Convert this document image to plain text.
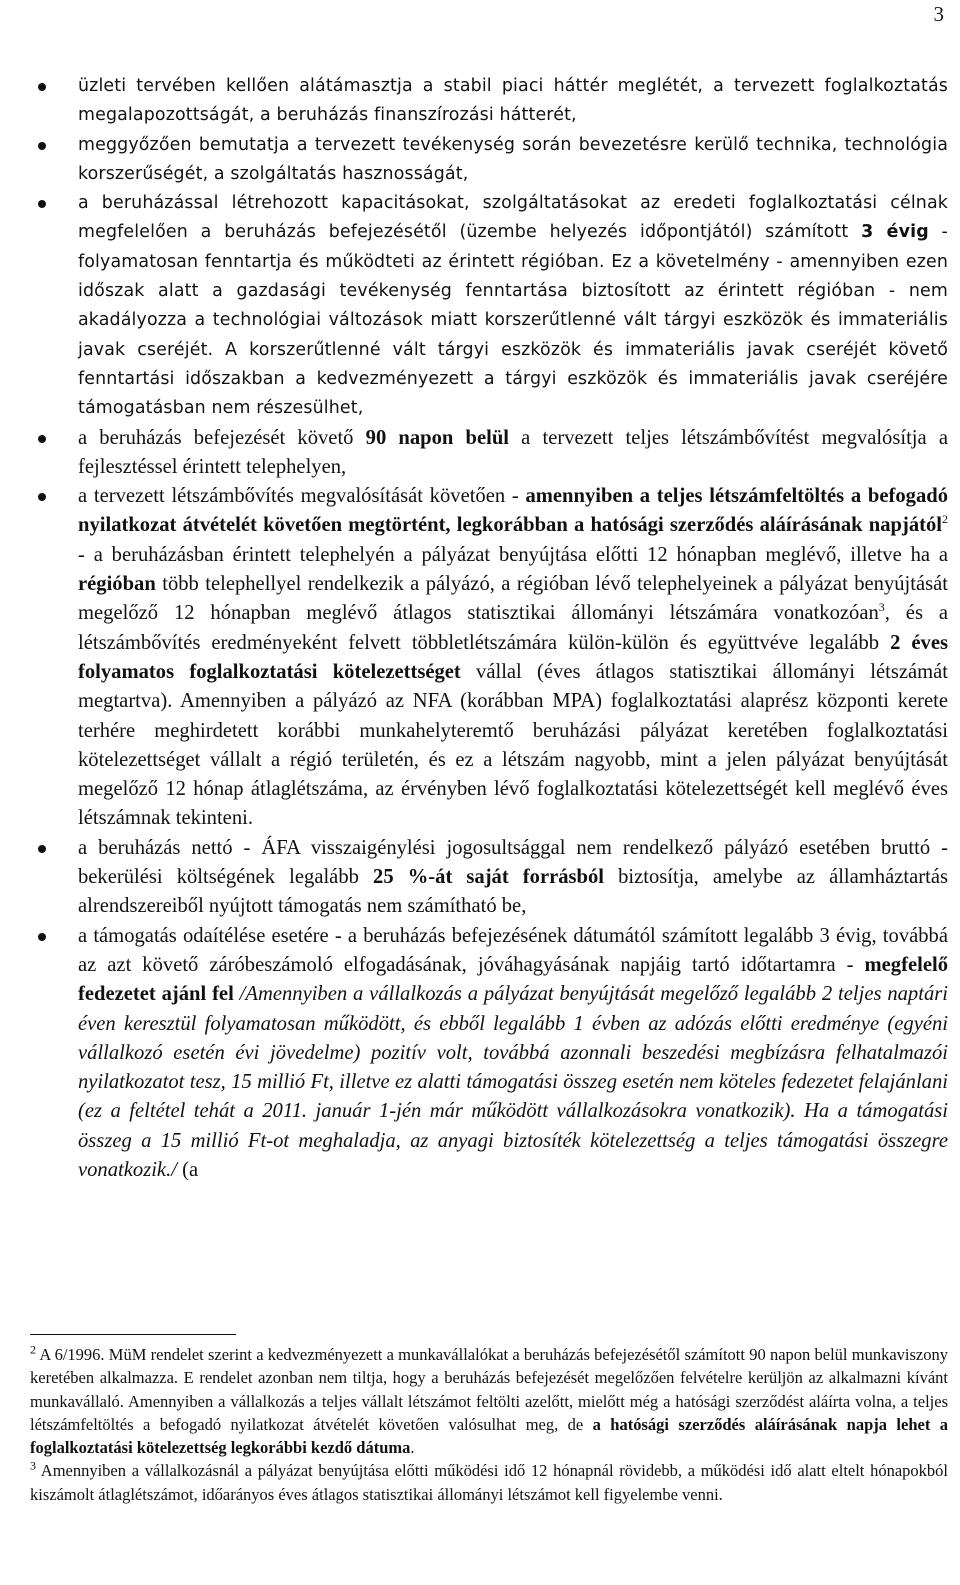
3
üzleti tervében kellően alátámasztja a stabil piaci háttér meglétét, a tervezett foglalkoztatás megalapozottságát, a beruházás finanszírozási hátterét,
meggyőzően bemutatja a tervezett tevékenység során bevezetésre kerülő technika, technológia korszerűségét, a szolgáltatás hasznosságát,
a beruházással létrehozott kapacitásokat, szolgáltatásokat az eredeti foglalkoztatási célnak megfelelően a beruházás befejezésétől (üzembe helyezés időpontjától) számított 3 évig - folyamatosan fenntartja és működteti az érintett régióban. Ez a követelmény - amennyiben ezen időszak alatt a gazdasági tevékenység fenntartása biztosított az érintett régióban - nem akadályozza a technológiai változások miatt korszerűtlenné vált tárgyi eszközök és immateriális javak cseréjét. A korszerűtlenné vált tárgyi eszközök és immateriális javak cseréjét követő fenntartási időszakban a kedvezményezett a tárgyi eszközök és immateriális javak cseréjére támogatásban nem részesülhet,
a beruházás befejezését követő 90 napon belül a tervezett teljes létszámbővítést megvalósítja a fejlesztéssel érintett telephelyen,
a tervezett létszámbővítés megvalósítását követően - amennyiben a teljes létszámfeltöltés a befogadó nyilatkozat átvételét követően megtörtént, legkorábban a hatósági szerződés aláírásának napjától$^2$ - a beruházásban érintett telephelyén a pályázat benyújtása előtti 12 hónapban meglévő, illetve ha a régióban több telephellyel rendelkezik a pályázó, a régióban lévő telephelyeinek a pályázat benyújtását megelőző 12 hónapban meglévő átlagos statisztikai állományi létszámára vonatkozóan$^3$, és a létszámbővítés eredményeként felvett többletlétszámára külön-külön és együttvéve legalább 2 éves folyamatos foglalkoztatási kötelezettséget vállal (éves átlagos statisztikai állományi létszámát megtartva). Amennyiben a pályázó az NFA (korábban MPA) foglalkoztatási alaprész központi kerete terhére meghirdetett korábbi munkahelyteremtő beruházási pályázat keretében foglalkoztatási kötelezettséget vállalt a régió területén, és ez a létszám nagyobb, mint a jelen pályázat benyújtását megelőző 12 hónap átlaglétszáma, az érvényben lévő foglalkoztatási kötelezettségét kell meglévő éves létszámnak tekinteni.
a beruházás nettó - ÁFA visszaigénylési jogosultsággal nem rendelkező pályázó esetében bruttó - bekerülési költségének legalább 25 %-át saját forrásból biztosítja, amelybe az államháztartás alrendszereiből nyújtott támogatás nem számítható be,
a támogatás odaítélése esetére - a beruházás befejezésének dátumától számított legalább 3 évig, továbbá az azt követő záróbeszámoló elfogadásának, jóváhagyásának napjáig tartó időtartamra - megfelelő fedezetet ajánl fel /Amennyiben a vállalkozás a pályázat benyújtását megelőző legalább 2 teljes naptári éven keresztül folyamatosan működött, és ebből legalább 1 évben az adózás előtti eredménye (egyéni vállalkozó esetén évi jövedelme) pozitív volt, továbbá azonnali beszedési megbízásra felhatalmazói nyilatkozatot tesz, 15 millió Ft, illetve ez alatti támogatási összeg esetén nem köteles fedezetet felajánlani (ez a feltétel tehát a 2011. január 1-jén már működött vállalkozásokra vonatkozik). Ha a támogatási összeg a 15 millió Ft-ot meghaladja, az anyagi biztosíték kötelezettség a teljes támogatási összegre vonatkozik./ (a

$^2$ A 6/1996. MüM rendelet szerint a kedvezményezett a munkavállalókat a beruházás befejezésétől számított 90 napon belül munkaviszony keretében alkalmazza. E rendelet azonban nem tiltja, hogy a beruházás befejezését megelőzően felvételre kerüljön az alkalmazni kívánt munkavállaló. Amennyiben a vállalkozás a teljes vállalt létszámot feltölti azelőtt, mielőtt még a hatósági szerződést aláírta volna, a teljes létszámfeltöltés a befogadó nyilatkozat átvételét követően valósulhat meg, de a hatósági szerződés aláírásának napja lehet a foglalkoztatási kötelezettség legkorábbi kezdő dátuma.

$^3$ Amennyiben a vállalkozásnál a pályázat benyújtása előtti működési idő 12 hónapnál rövidebb, a működési idő alatt eltelt hónapokból kiszámolt átlaglétszámot, időarányos éves átlagos statisztikai állományi létszámot kell figyelembe venni.
